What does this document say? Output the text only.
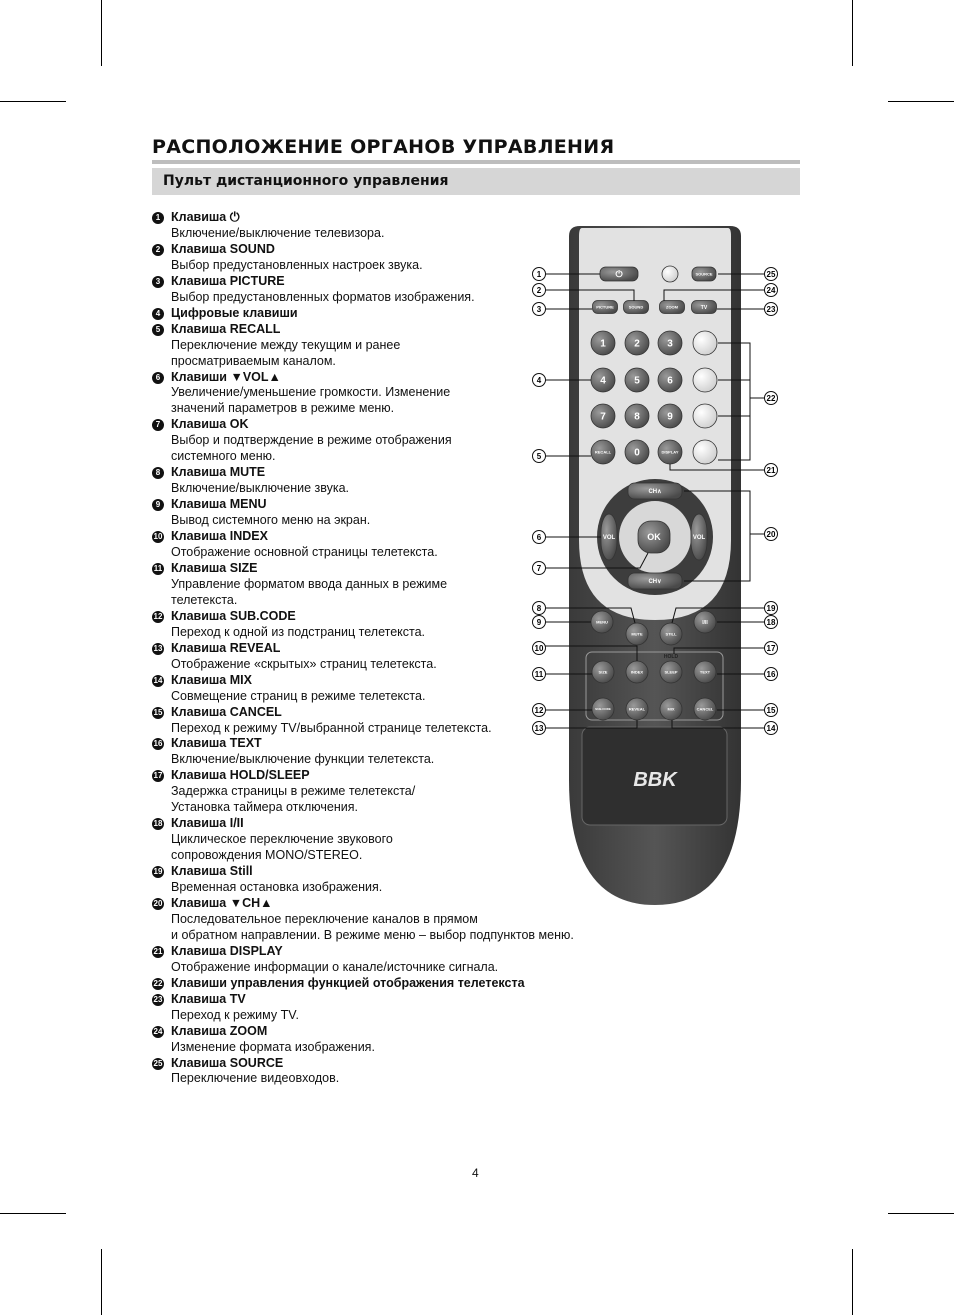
РАСПОЛОЖЕНИЕ ОРГАНОВ УПРАВЛЕНИЯ
Пульт дистанционного управления
1 Клавиша ⏻
Включение/выключение телевизора.
2 Клавиша SOUND
Выбор предустановленных настроек звука.
3 Клавиша PICTURE
Выбор предустановленных форматов изображения.
4 Цифровые клавиши
5 Клавиша RECALL
Переключение между текущим и ранее
просматриваемым каналом.
6 Клавиши ▼VOL▲
Увеличение/уменьшение громкости. Изменение
значений параметров в режиме меню.
7 Клавиша OK
Выбор и подтверждение в режиме отображения
системного меню.
8 Клавиша MUTE
Включение/выключение звука.
9 Клавиша MENU
Вывод системного меню на экран.
10 Клавиша INDEX
Отображение основной страницы телетекста.
11 Клавиша SIZE
Управление форматом ввода данных в режиме
телетекста.
12 Клавиша SUB.CODE
Переход к одной из подстраниц телетекста.
13 Клавиша REVEAL
Отображение «скрытых» страниц телетекста.
14 Клавиша MIX
Совмещение страниц в режиме телетекста.
15 Клавиша CANCEL
Переход к режиму TV/выбранной странице телетекста.
16 Клавиша TEXT
Включение/выключение функции телетекста.
17 Клавиша HOLD/SLEEP
Задержка страницы в режиме телетекста/
Установка таймера отключения.
18 Клавиша I/II
Циклическое переключение звукового
сопровождения MONO/STEREO.
19 Клавиша Still
Временная остановка изображения.
20 Клавиша ▼CH▲
Последовательное переключение каналов в прямом
и обратном направлении. В режиме меню – выбор подпунктов меню.
21 Клавиша DISPLAY
Отображение информации о канале/источнике сигнала.
22 Клавиши управления функцией отображения телетекста
23 Клавиша TV
Переход к режиму TV.
24 Клавиша ZOOM
Изменение формата изображения.
25 Клавиша SOURCE
Переключение видеовходов.
⏻	SOURCE
PICTURE	SOUND	ZOOM	TV
1	2	3
4	5	6
7	8	9
RECALL 0	DISPLAY
CH∧
CH∨
VOL	VOL
OK
MENU
MUTE	STILL
I/II
SIZE	INDEX	SLEEP	TEXT
SUB.CODE	REVEAL	MIX	CANCEL
HOLD
BBK
1
2
3
4
5
6
7
8
9
10
11
12
13	14
15
16
17
18
19
20
21
22
23
24
25
4
